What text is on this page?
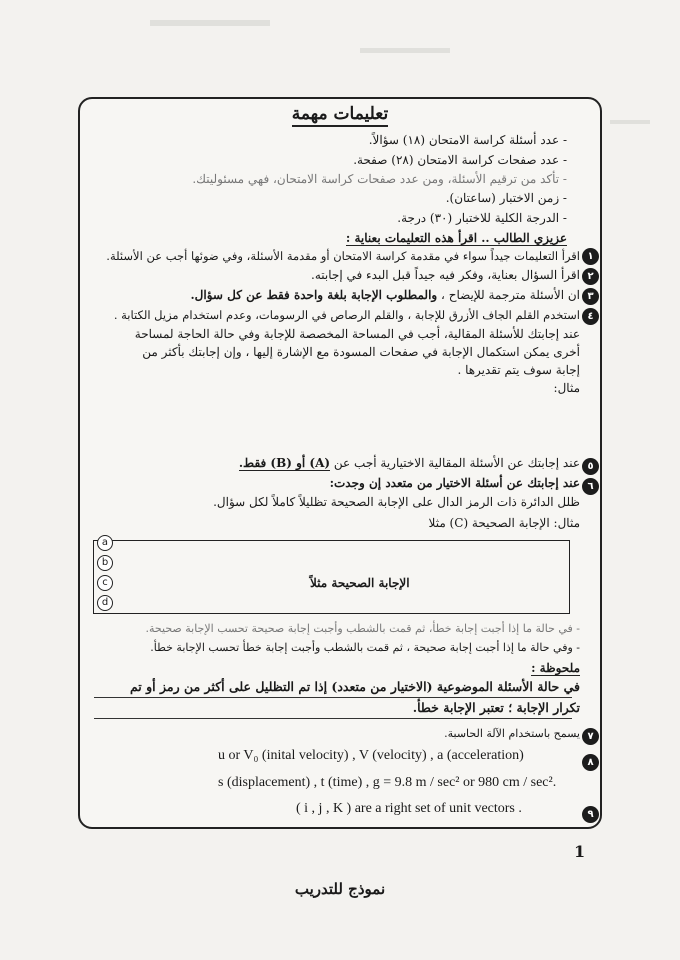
تعليمات مهمة
- عدد أسئلة كراسة الامتحان (١٨) سؤالاً.
- عدد صفحات كراسة الامتحان (٢٨) صفحة.
- تأكد من ترقيم الأسئلة، ومن عدد صفحات كراسة الامتحان، فهي مسئوليتك.
- زمن الاختبار (ساعتان).
- الدرجة الكلية للاختبار (٣٠) درجة.
عزيزي الطالب .. اقرأ هذه التعليمات بعناية :
١
اقرأ التعليمات جيداً سواء في مقدمة كراسة الامتحان أو مقدمة الأسئلة، وفي ضوئها أجب عن الأسئلة.
٢
اقرأ السؤال بعناية، وفكر فيه جيداً قبل البدء في إجابته.
٣
ان الأسئلة مترجمة للإيضاح ، والمطلوب الإجابة بلغة واحدة فقط عن كل سؤال.
٤
استخدم القلم الجاف الأزرق للإجابة ، والقلم الرصاص في الرسومات، وعدم استخدام مزيل الكتابة .
عند إجابتك للأسئلة المقالية، أجب في المساحة المخصصة للإجابة وفي حالة الحاجة لمساحة
أخرى يمكن استكمال الإجابة في صفحات المسودة مع الإشارة إليها ، وإن إجابتك بأكثر من
إجابة سوف يتم تقديرها .
مثال:
٥
عند إجابتك عن الأسئلة المقالية الاختيارية أجب عن (A) أو (B) فقط.
٦
عند إجابتك عن أسئلة الاختيار من متعدد إن وجدت:
ظلل الدائرة ذات الرمز الدال على الإجابة الصحيحة تظليلاً كاملاً لكل سؤال.
مثال: الإجابة الصحيحة (C) مثلا
a
b
c
d
الإجابة الصحيحة مثلاً
- في حالة ما إذا أجبت إجابة خطأ، ثم قمت بالشطب وأجبت إجابة صحيحة تحسب الإجابة صحيحة.
- وفي حالة ما إذا أجبت إجابة صحيحة ، ثم قمت بالشطب وأجبت إجابة خطأ تحسب الإجابة خطأ.
ملحوظة :
في حالة الأسئلة الموضوعية (الاختيار من متعدد) إذا تم التظليل على أكثر من رمز أو تم
تكرار الإجابة ؛ تعتبر الإجابة خطأ.
٧
يسمح باستخدام الآلة الحاسبة.
٨
u or V₀ (inital velocity) , V (velocity) , a (acceleration)
s (displacement) , t (time) , g = 9.8 m / sec² or 980 cm / sec².
٩
( i , j , K ) are a right set of unit vectors .
1
نموذج للتدريب
